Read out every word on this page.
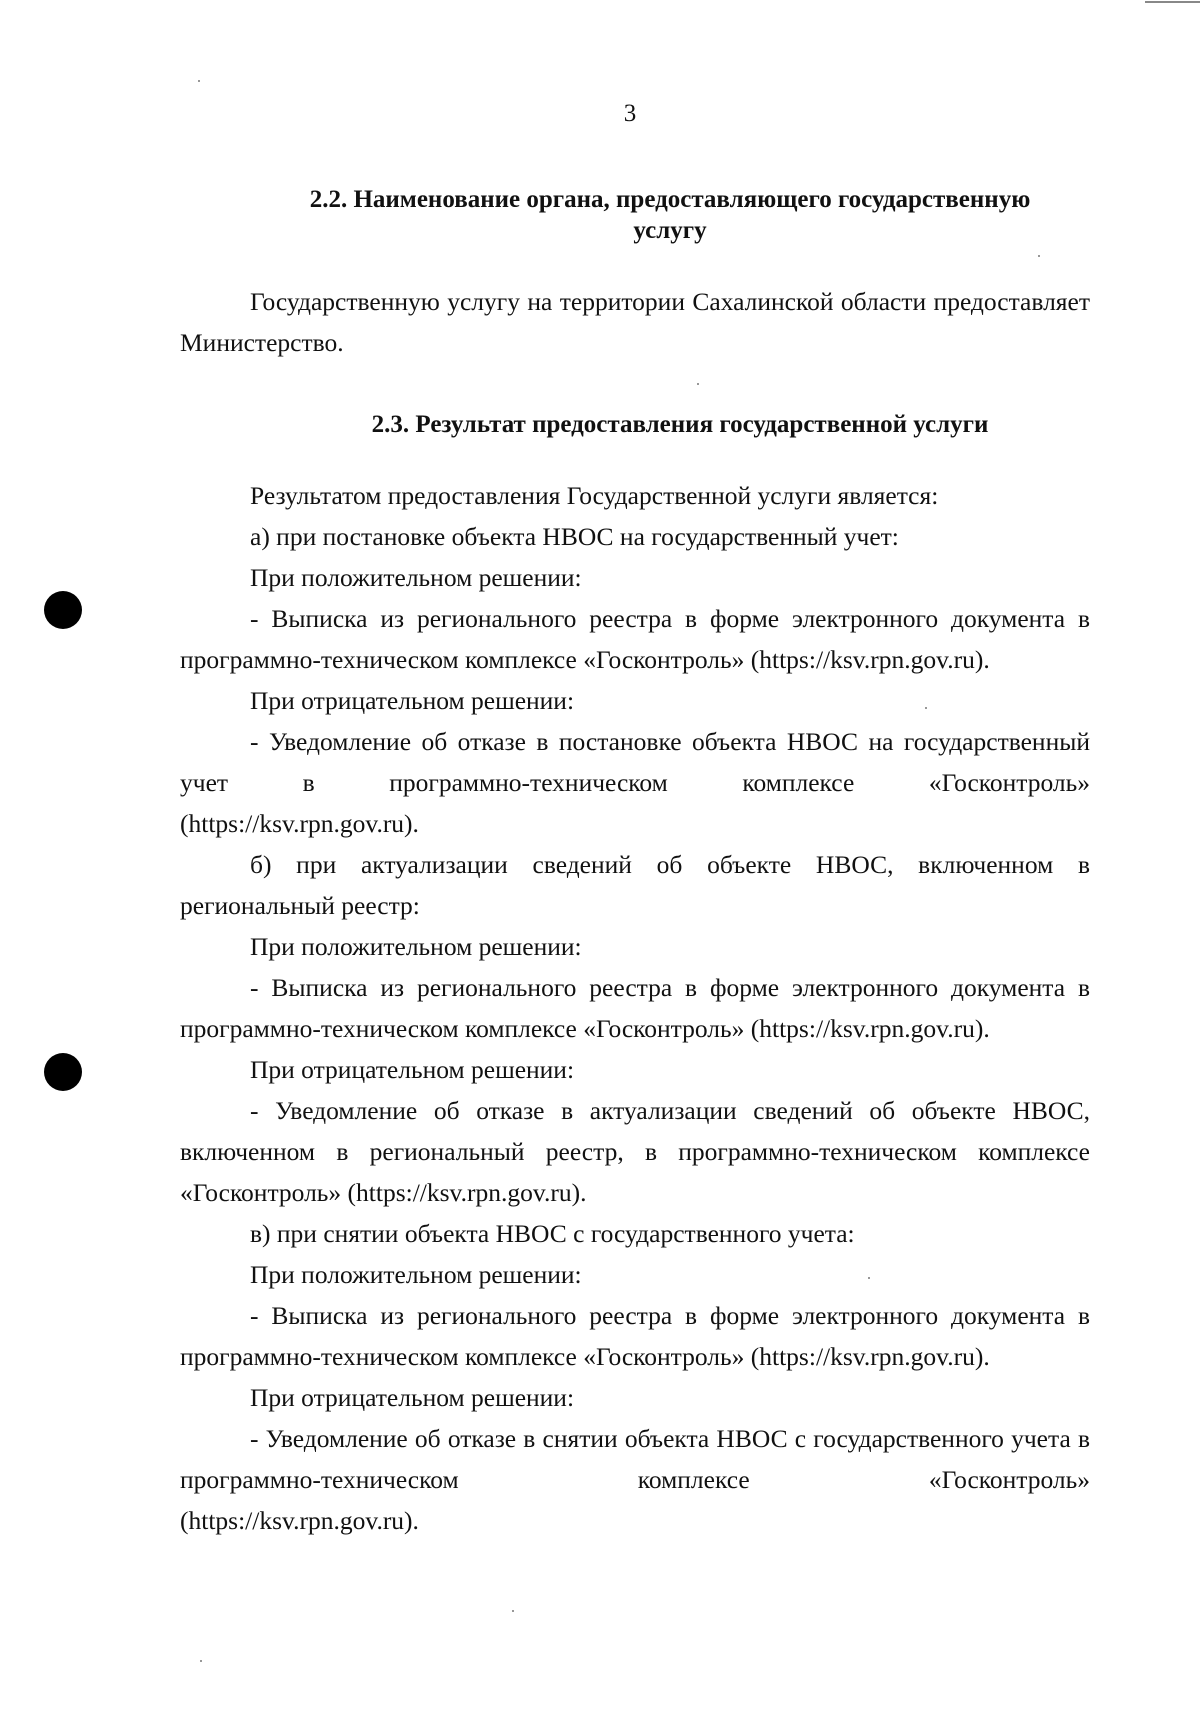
3
2.2. Наименование органа, предоставляющего государственную
услугу

Государственную услугу на территории Сахалинской области предоставляет Министерство.

2.3. Результат предоставления государственной услуги

Результатом предоставления Государственной услуги является:

а) при постановке объекта НВОС на государственный учет:

При положительном решении:

- Выписка из регионального реестра в форме электронного документа в программно-техническом комплексе «Госконтроль» (https://ksv.rpn.gov.ru).

При отрицательном решении:

- Уведомление об отказе в постановке объекта НВОС на государственный учет в программно-техническом комплексе «Госконтроль»

(https://ksv.rpn.gov.ru).

б) при актуализации сведений об объекте НВОС, включенном в региональный реестр:

При положительном решении:

- Выписка из регионального реестра в форме электронного документа в программно-техническом комплексе «Госконтроль» (https://ksv.rpn.gov.ru).

При отрицательном решении:

- Уведомление об отказе в актуализации сведений об объекте НВОС, включенном в региональный реестр, в программно-техническом комплексе «Госконтроль» (https://ksv.rpn.gov.ru).

в) при снятии объекта НВОС с государственного учета:

При положительном решении:

- Выписка из регионального реестра в форме электронного документа в программно-техническом комплексе «Госконтроль» (https://ksv.rpn.gov.ru).

При отрицательном решении:

- Уведомление об отказе в снятии объекта НВОС с государственного учета в программно-техническом комплексе «Госконтроль»

(https://ksv.rpn.gov.ru).
